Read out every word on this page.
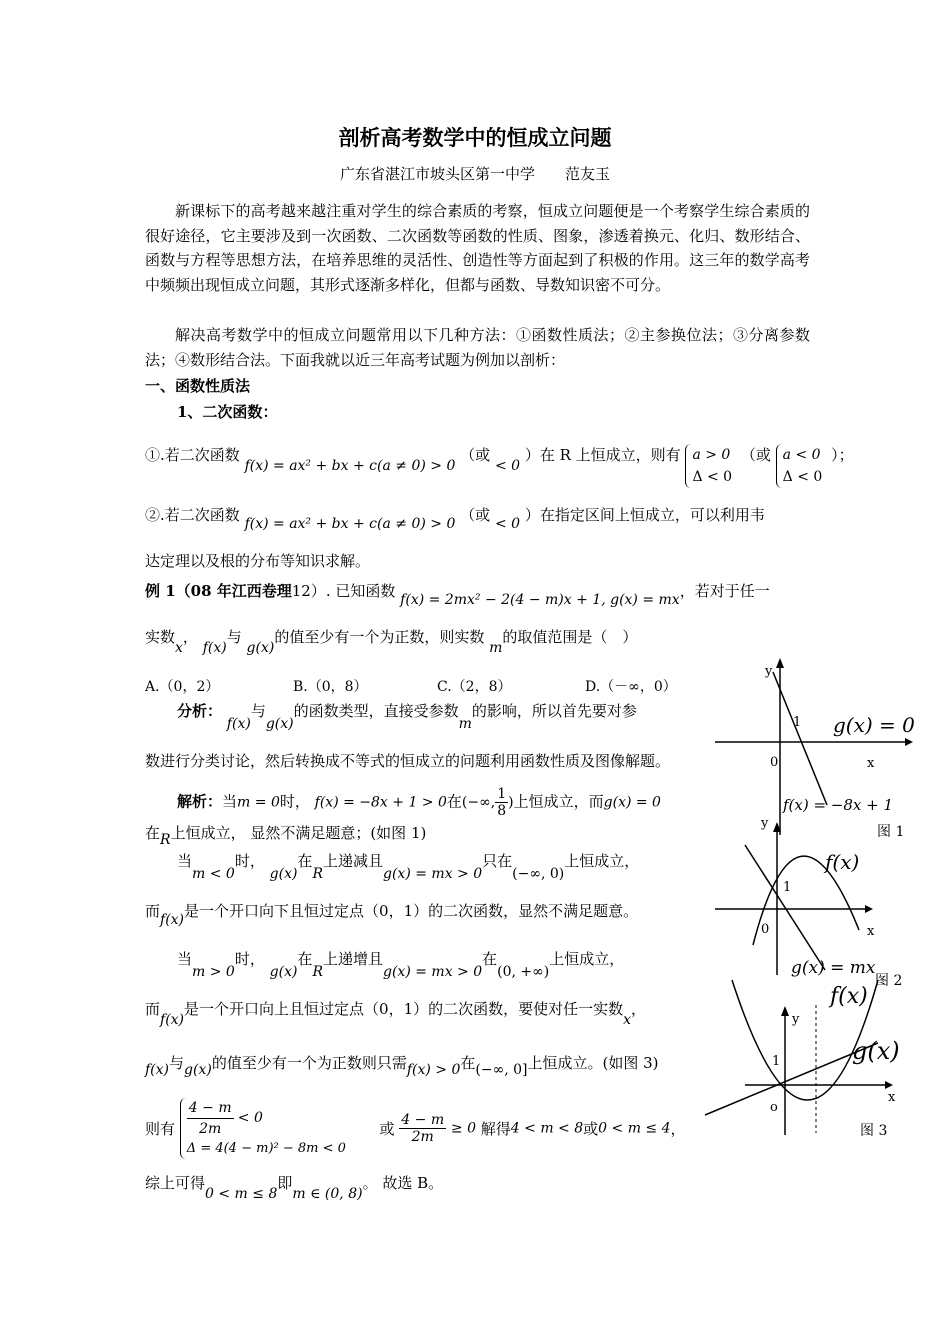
剖析高考数学中的恒成立问题
广东省湛江市坡头区第一中学　　范友玉

新课标下的高考越来越注重对学生的综合素质的考察，恒成立问题便是一个考察学生综合素质的很好途径，它主要涉及到一次函数、二次函数等函数的性质、图象，渗透着换元、化归、数形结合、函数与方程等思想方法，在培养思维的灵活性、创造性等方面起到了积极的作用。这三年的数学高考中频频出现恒成立问题，其形式逐渐多样化，但都与函数、导数知识密不可分。

解决高考数学中的恒成立问题常用以下几种方法：①函数性质法；②主参换位法；③分离参数法；④数形结合法。下面我就以近三年高考试题为例加以剖析：

一、函数性质法
1、二次函数：
①.若二次函数 f(x) = ax² + bx + c(a ≠ 0) > 0 （或 < 0 ）在 R 上恒成立，则有 a > 0
Δ < 0
（或 a < 0
Δ < 0
）；
②.若二次函数 f(x) = ax² + bx + c(a ≠ 0) > 0 （或 < 0 ）在指定区间上恒成立，可以利用韦
达定理以及根的分布等知识求解。
例 1（08 年江西卷理12）. 已知函数 f(x) = 2mx² − 2(4 − m)x + 1, g(x) = mx，若对于任一
实数x， f(x)与 g(x)的值至少有一个为正数，则实数 m的取值范围是（　）
A.（0，2）	B.（0，8）	C.（2，8）	D.（－∞，0）
分析： f(x)与g(x)的函数类型，直接受参数m的影响，所以首先要对参
数进行分类讨论，然后转换成不等式的恒成立的问题利用函数性质及图像解题。
解析：当m = 0时， f(x) = −8x + 1 > 0在(−∞, $\frac{1}{8}$ )上恒成立，而g(x) = 0
在R上恒成立， 显然不满足题意；(如图 1)
当m < 0时， g(x)在R上递减且g(x) = mx > 0只在(−∞, 0)上恒成立，
而f(x)是一个开口向下且恒过定点（0，1）的二次函数，显然不满足题意。
当m > 0时， g(x)在R上递增且g(x) = mx > 0在(0, +∞)上恒成立，
而f(x)是一个开口向上且恒过定点（0，1）的二次函数，要使对任一实数x，
f(x)与g(x)的值至少有一个为正数则只需f(x) > 0在(−∞, 0]上恒成立。(如图 3)
则有 $\frac{4 - m}{2m} < 0$
Δ = 4(4 − m)² − 8m < 0
或 $\frac{4 - m}{2m} \ge 0$ 解得4 < m < 8或0 < m ≤ 4，
综上可得0 < m ≤ 8即m ∈ (0, 8)。 故选 B。
y
x
0
1 g(x) = 0
f(x) = −8x + 1
图 1
y
x
0
1
f(x)
g(x) = mx
图 2
y
x
o
1
f(x)
g(x)
图 3
